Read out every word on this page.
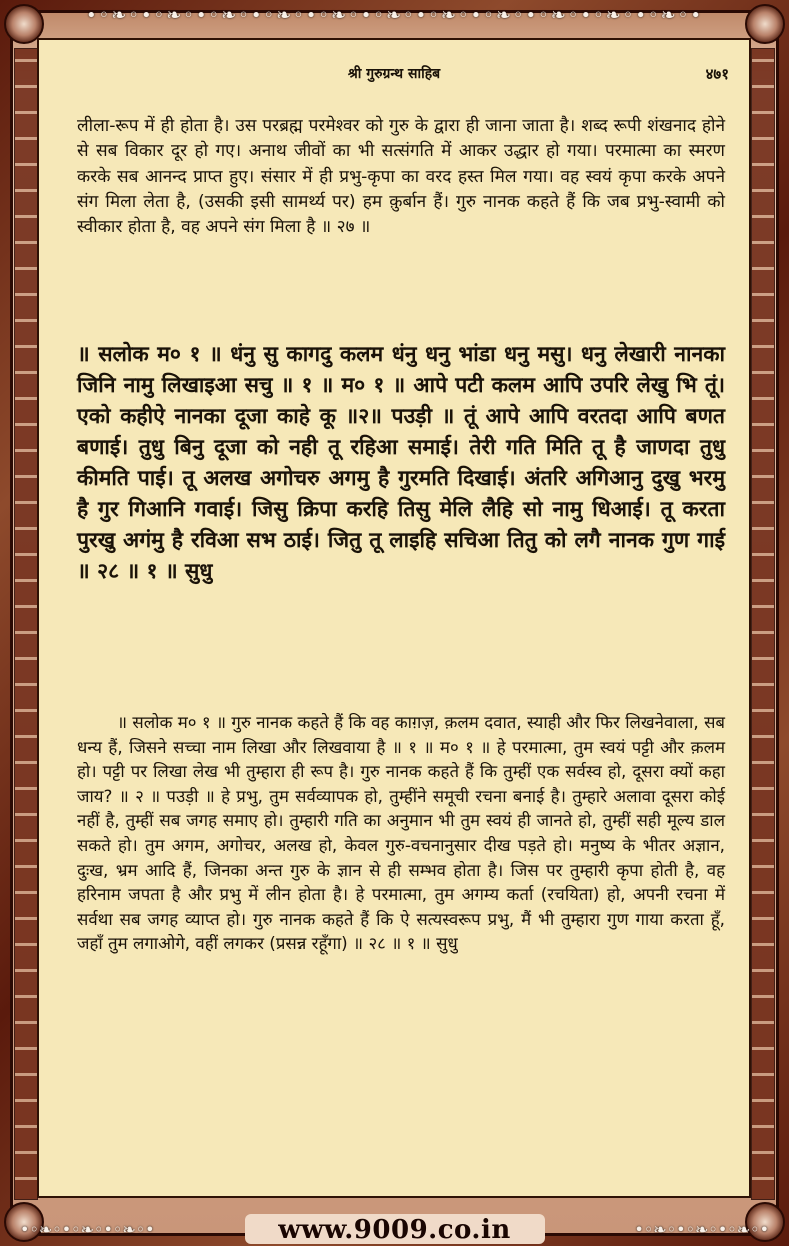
•◦❧◦•◦❧◦•◦❧◦•◦❧◦•◦❧◦•◦❧◦•◦❧◦•◦❧◦•◦❧◦•◦❧◦•◦❧◦•
श्री गुरुग्रन्थ साहिब	४७१

लीला-रूप में ही होता है। उस परब्रह्म परमेश्वर को गुरु के द्वारा ही जाना जाता है। शब्द रूपी शंखनाद होने से सब विकार दूर हो गए। अनाथ जीवों का भी सत्संगति में आकर उद्धार हो गया। परमात्मा का स्मरण करके सब आनन्द प्राप्त हुए। संसार में ही प्रभु-कृपा का वरद हस्त मिल गया। वह स्वयं कृपा करके अपने संग मिला लेता है, (उसकी इसी सामर्थ्य पर) हम क़ुर्बान हैं। गुरु नानक कहते हैं कि जब प्रभु-स्वामी को स्वीकार होता है, वह अपने संग मिला है ॥ २७ ॥

॥ सलोक म० १ ॥ धंनु सु कागदु कलम धंनु धनु भांडा धनु मसु। धनु लेखारी नानका जिनि नामु लिखाइआ सचु ॥ १ ॥ म० १ ॥ आपे पटी कलम आपि उपरि लेखु भि तूं। एको कहीऐ नानका दूजा काहे कू ॥२॥ पउड़ी ॥ तूं आपे आपि वरतदा आपि बणत बणाई। तुधु बिनु दूजा को नही तू रहिआ समाई। तेरी गति मिति तू है जाणदा तुधु कीमति पाई। तू अलख अगोचरु अगमु है गुरमति दिखाई। अंतरि अगिआनु दुखु भरमु है गुर गिआनि गवाई। जिसु क्रिपा करहि तिसु मेलि लैहि सो नामु धिआई। तू करता पुरखु अगंमु है रविआ सभ ठाई। जितु तू लाइहि सचिआ तितु को लगै नानक गुण गाई ॥ २८ ॥ १ ॥ सुधु

॥ सलोक म० १ ॥ गुरु नानक कहते हैं कि वह काग़ज़, क़लम दवात, स्याही और फिर लिखनेवाला, सब धन्य हैं, जिसने सच्चा नाम लिखा और लिखवाया है ॥ १ ॥ म० १ ॥ हे परमात्मा, तुम स्वयं पट्टी और क़लम हो। पट्टी पर लिखा लेख भी तुम्हारा ही रूप है। गुरु नानक कहते हैं कि तुम्हीं एक सर्वस्व हो, दूसरा क्यों कहा जाय? ॥ २ ॥ पउड़ी ॥ हे प्रभु, तुम सर्वव्यापक हो, तुम्हींने समूची रचना बनाई है। तुम्हारे अलावा दूसरा कोई नहीं है, तुम्हीं सब जगह समाए हो। तुम्हारी गति का अनुमान भी तुम स्वयं ही जानते हो, तुम्हीं सही मूल्य डाल सकते हो। तुम अगम, अगोचर, अलख हो, केवल गुरु-वचनानुसार दीख पड़ते हो। मनुष्य के भीतर अज्ञान, दुःख, भ्रम आदि हैं, जिनका अन्त गुरु के ज्ञान से ही सम्भव होता है। जिस पर तुम्हारी कृपा होती है, वह हरिनाम जपता है और प्रभु में लीन होता है। हे परमात्मा, तुम अगम्य कर्ता (रचयिता) हो, अपनी रचना में सर्वथा सब जगह व्याप्त हो। गुरु नानक कहते हैं कि ऐ सत्यस्वरूप प्रभु, मैं भी तुम्हारा गुण गाया करता हूँ, जहाँ तुम लगाओगे, वहीं लगकर (प्रसन्न रहूँगा) ॥ २८ ॥ १ ॥ सुधु

•◦❧◦•◦❧◦•◦❧◦•	•◦❧◦•◦❧◦•◦❧◦•
www.9009.co.in
